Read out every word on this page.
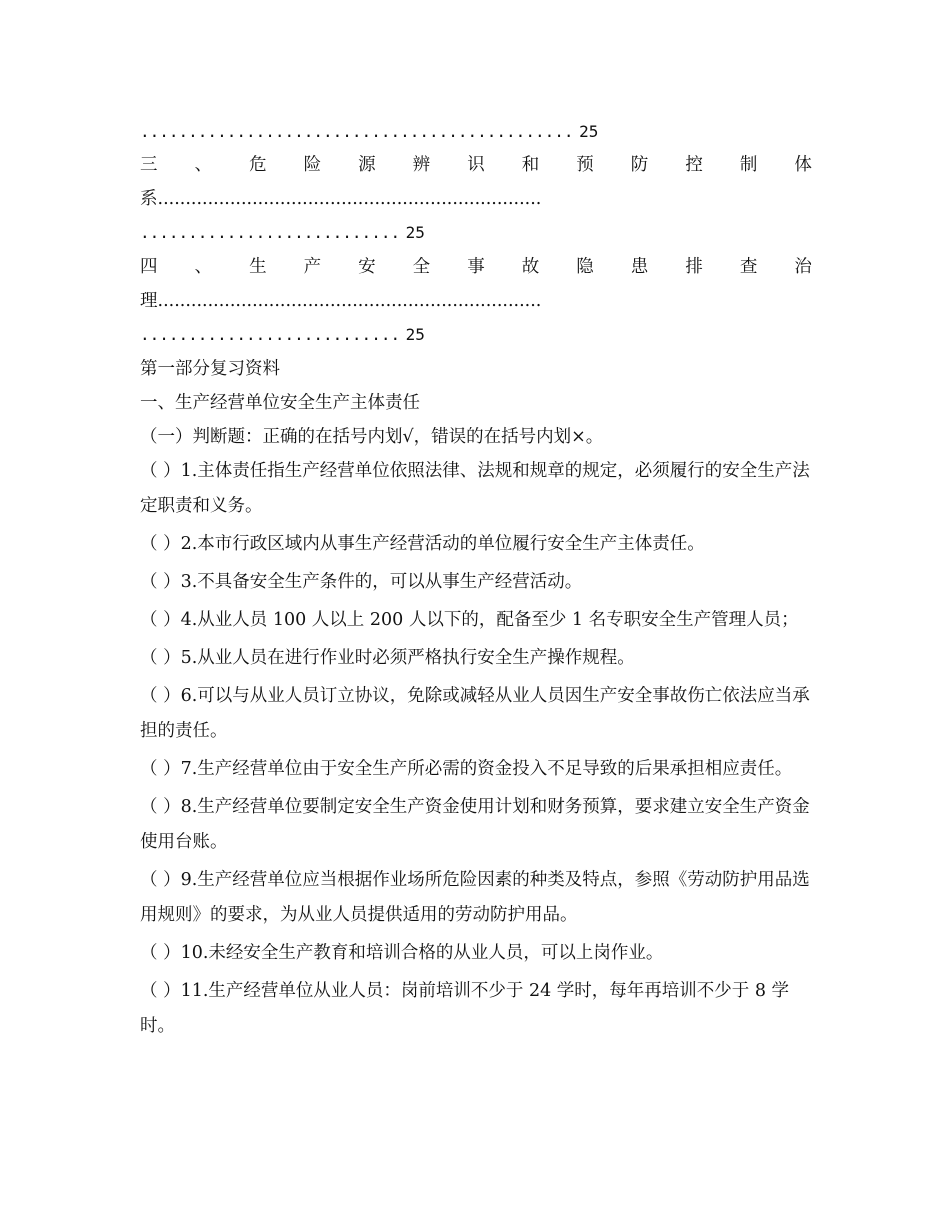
............................................. 25
三 、 危 险 源 辨 识 和 预 防 控 制 体
系.....................................................................
........................... 25
四 、 生 产 安 全 事 故 隐 患 排 查 治
理.....................................................................
........................... 25
第一部分复习资料
一、生产经营单位安全生产主体责任
（一）判断题：正确的在括号内划√，错误的在括号内划×。
（ ）1.主体责任指生产经营单位依照法律、法规和规章的规定，必须履行的安全生产法定职责和义务。
（ ）2.本市行政区域内从事生产经营活动的单位履行安全生产主体责任。
（ ）3.不具备安全生产条件的，可以从事生产经营活动。
（ ）4.从业人员 100 人以上 200 人以下的，配备至少 1 名专职安全生产管理人员；
（ ）5.从业人员在进行作业时必须严格执行安全生产操作规程。
（ ）6.可以与从业人员订立协议，免除或减轻从业人员因生产安全事故伤亡依法应当承担的责任。
（ ）7.生产经营单位由于安全生产所必需的资金投入不足导致的后果承担相应责任。
（ ）8.生产经营单位要制定安全生产资金使用计划和财务预算，要求建立安全生产资金使用台账。
（ ）9.生产经营单位应当根据作业场所危险因素的种类及特点，参照《劳动防护用品选用规则》的要求，为从业人员提供适用的劳动防护用品。
（ ）10.未经安全生产教育和培训合格的从业人员，可以上岗作业。
（ ）11.生产经营单位从业人员：岗前培训不少于 24 学时，每年再培训不少于 8 学时。
